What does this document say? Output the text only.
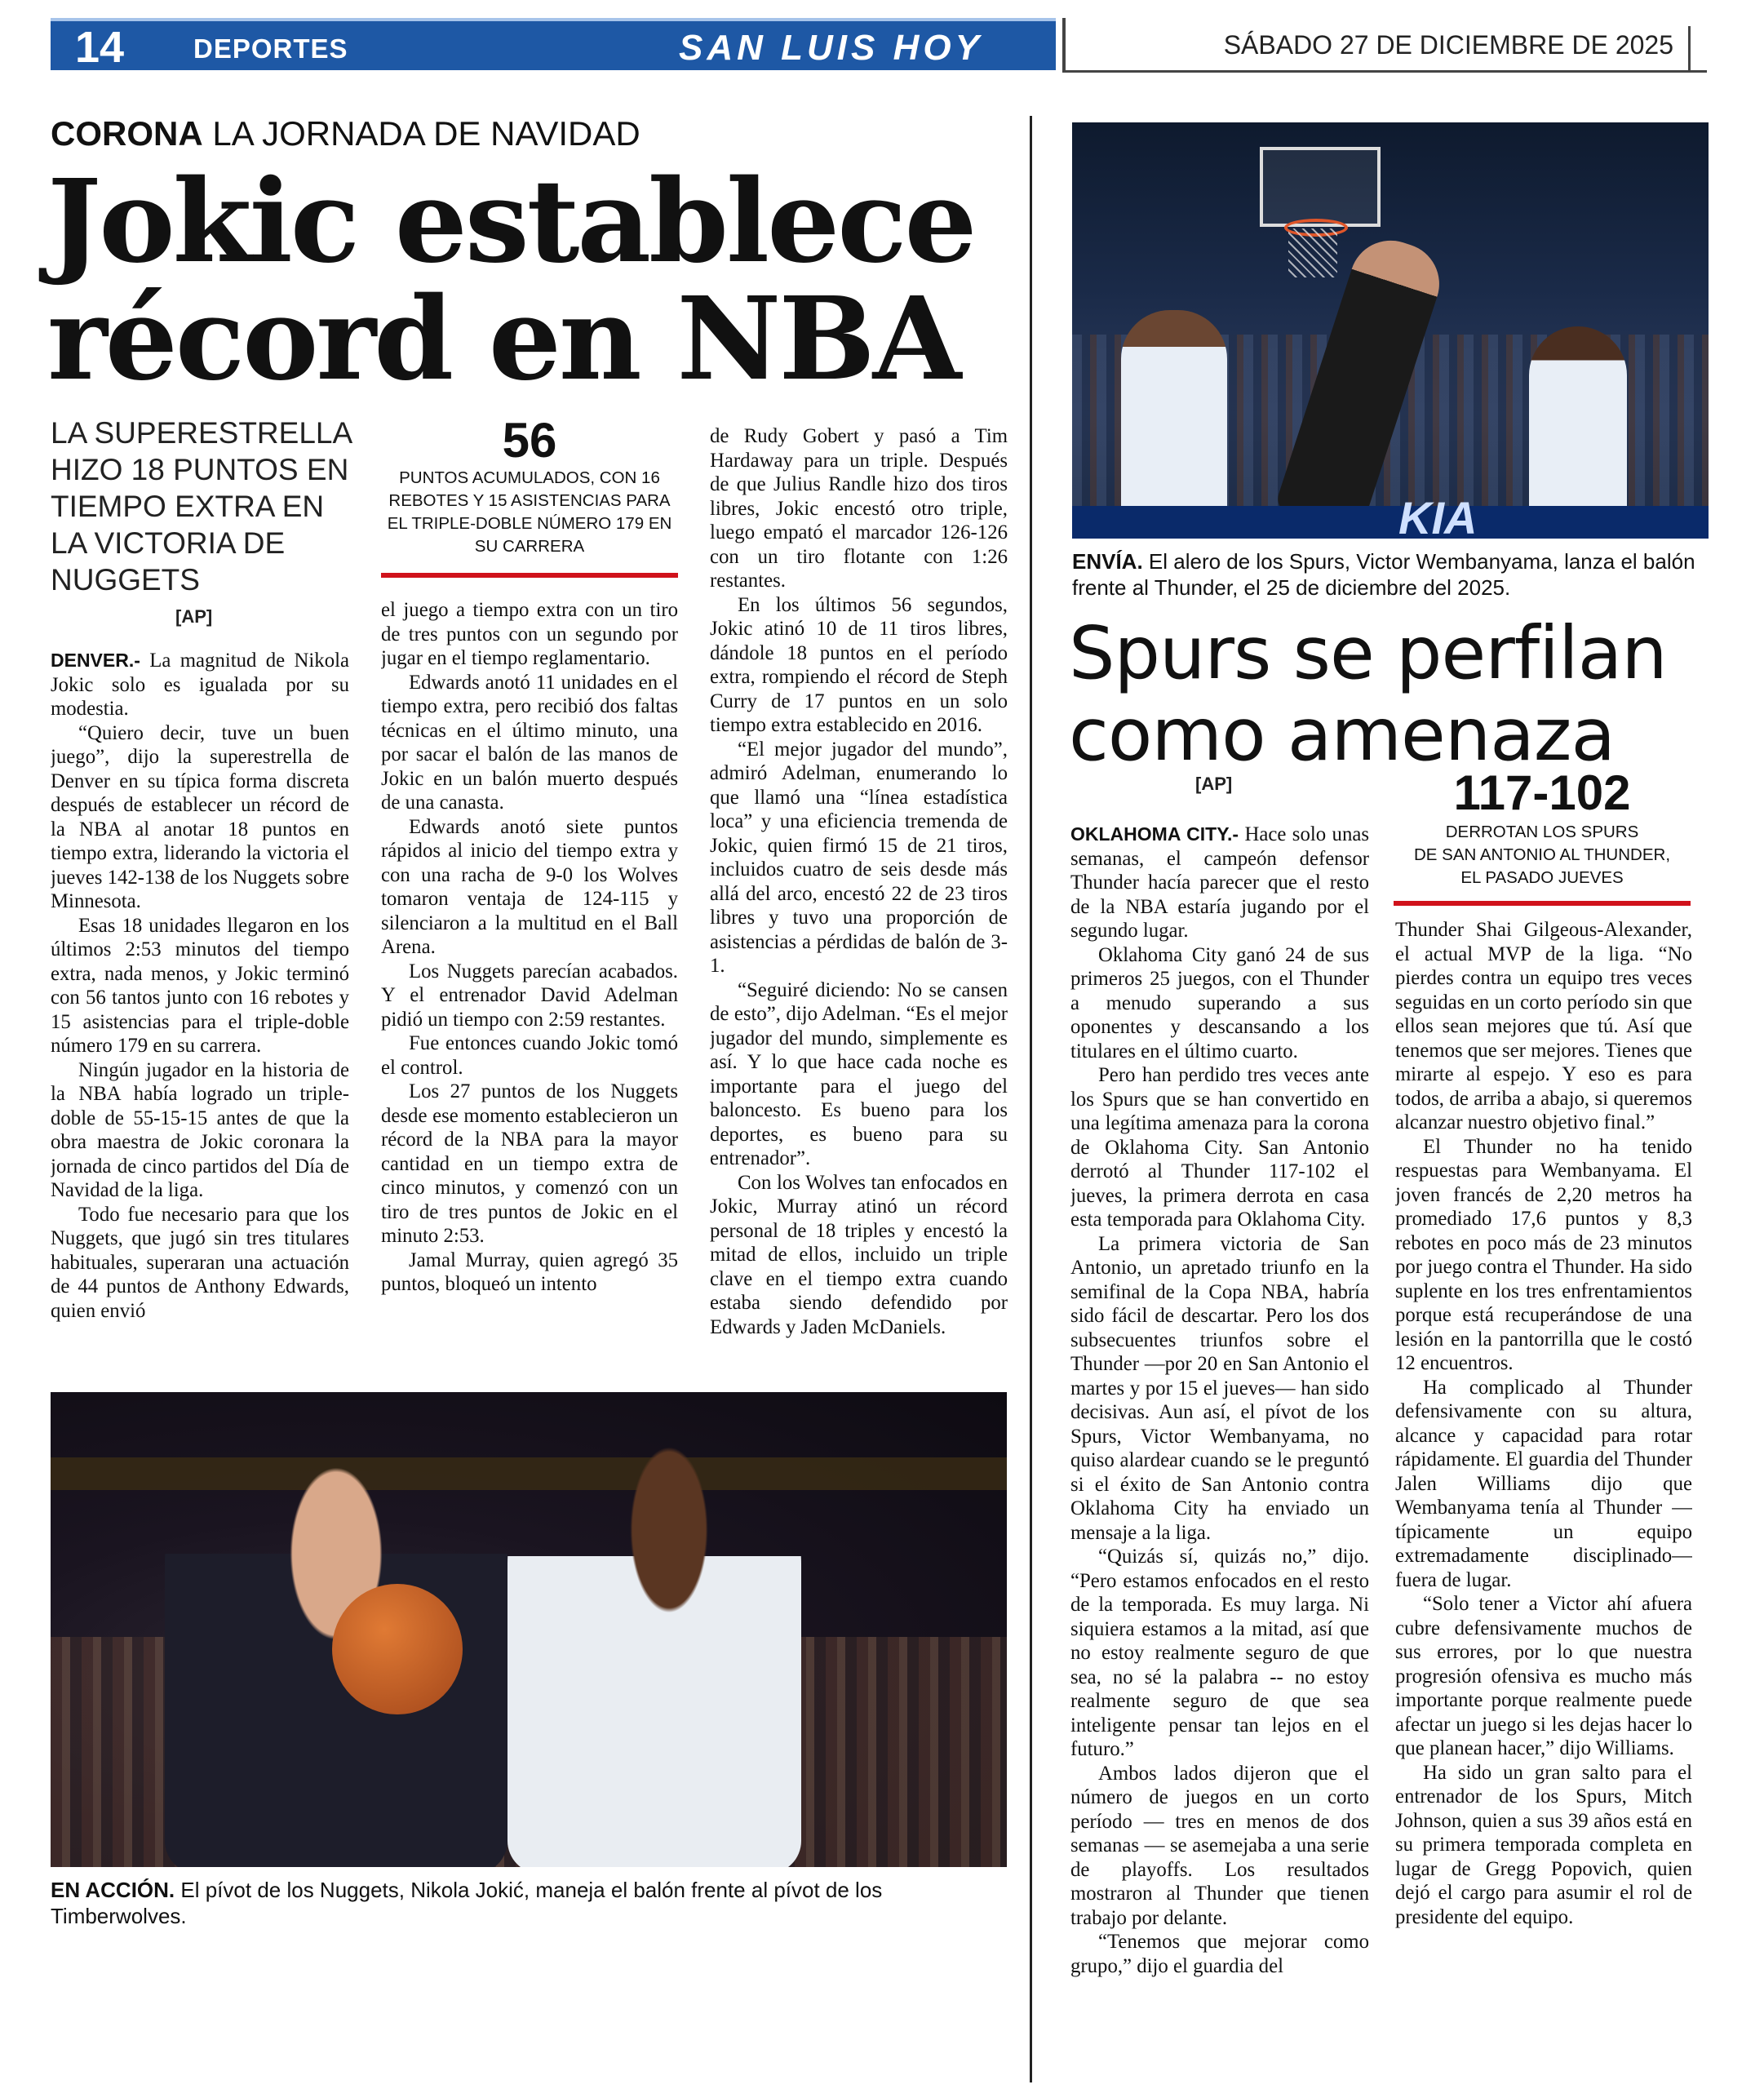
14	DEPORTES	SAN LUIS HOY	SÁBADO 27 DE DICIEMBRE DE 2025
CORONA LA JORNADA DE NAVIDAD
Jokic establece
récord en NBA
LA SUPERESTRELLA HIZO 18 PUNTOS EN TIEMPO EXTRA EN LA VICTORIA DE NUGGETS
[AP]
56
PUNTOS ACUMULADOS, CON 16 REBOTES Y 15 ASISTENCIAS PARA EL TRIPLE-DOBLE NÚMERO 179 EN SU CARRERA

DENVER.- La magnitud de Nikola Jokic solo es igualada por su modestia.

“Quiero decir, tuve un buen juego”, dijo la superestrella de Denver en su típica forma discreta después de establecer un récord de la NBA al anotar 18 puntos en tiempo extra, liderando la victoria el jueves 142-138 de los Nuggets sobre Minnesota.

Esas 18 unidades llegaron en los últimos 2:53 minutos del tiempo extra, nada menos, y Jokic terminó con 56 tantos junto con 16 rebotes y 15 asistencias para el triple-doble número 179 en su carrera.

Ningún jugador en la historia de la NBA había logrado un triple-doble de 55-15-15 antes de que la obra maestra de Jokic coronara la jornada de cinco partidos del Día de Navidad de la liga.

Todo fue necesario para que los Nuggets, que jugó sin tres titulares habituales, superaran una actuación de 44 puntos de Anthony Edwards, quien envió

el juego a tiempo extra con un tiro de tres puntos con un segundo por jugar en el tiempo reglamentario.

Edwards anotó 11 unidades en el tiempo extra, pero recibió dos faltas técnicas en el último minuto, una por sacar el balón de las manos de Jokic en un balón muerto después de una canasta.

Edwards anotó siete puntos rápidos al inicio del tiempo extra y con una racha de 9-0 los Wolves tomaron ventaja de 124-115 y silenciaron a la multitud en el Ball Arena.

Los Nuggets parecían acabados. Y el entrenador David Adelman pidió un tiempo con 2:59 restantes.

Fue entonces cuando Jokic tomó el control.

Los 27 puntos de los Nuggets desde ese momento establecieron un récord de la NBA para la mayor cantidad en un tiempo extra de cinco minutos, y comenzó con un tiro de tres puntos de Jokic en el minuto 2:53.

Jamal Murray, quien agregó 35 puntos, bloqueó un intento

de Rudy Gobert y pasó a Tim Hardaway para un triple. Después de que Julius Randle hizo dos tiros libres, Jokic encestó otro triple, luego empató el marcador 126-126 con un tiro flotante con 1:26 restantes.

En los últimos 56 segundos, Jokic atinó 10 de 11 tiros libres, dándole 18 puntos en el período extra, rompiendo el récord de Steph Curry de 17 puntos en un solo tiempo extra establecido en 2016.

“El mejor jugador del mundo”, admiró Adelman, enumerando lo que llamó una “línea estadística loca” y una eficiencia tremenda de Jokic, quien firmó 15 de 21 tiros, incluidos cuatro de seis desde más allá del arco, encestó 22 de 23 tiros libres y tuvo una proporción de asistencias a pérdidas de balón de 3-1.

“Seguiré diciendo: No se cansen de esto”, dijo Adelman. “Es el mejor jugador del mundo, simplemente es así. Y lo que hace cada noche es importante para el juego del baloncesto. Es bueno para los deportes, es bueno para su entrenador”.

Con los Wolves tan enfocados en Jokic, Murray atinó un récord personal de 18 triples y encestó la mitad de ellos, incluido un triple clave en el tiempo extra cuando estaba siendo defendido por Edwards y Jaden McDaniels.

EN ACCIÓN. El pívot de los Nuggets, Nikola Jokić, maneja el balón frente al pívot de los Timberwolves.
KIA
ENVÍA. El alero de los Spurs, Victor Wembanyama, lanza el balón frente al Thunder, el 25 de diciembre del 2025.
Spurs se perfilan
como amenaza
[AP]	117-102
DERROTAN LOS SPURS
DE SAN ANTONIO AL THUNDER,
EL PASADO JUEVES

OKLAHOMA CITY.- Hace solo unas semanas, el campeón defensor Thunder hacía parecer que el resto de la NBA estaría jugando por el segundo lugar.

Oklahoma City ganó 24 de sus primeros 25 juegos, con el Thunder a menudo superando a sus oponentes y descansando a los titulares en el último cuarto.

Pero han perdido tres veces ante los Spurs que se han convertido en una legítima amenaza para la corona de Oklahoma City. San Antonio derrotó al Thunder 117-102 el jueves, la primera derrota en casa esta temporada para Oklahoma City.

La primera victoria de San Antonio, un apretado triunfo en la semifinal de la Copa NBA, habría sido fácil de descartar. Pero los dos subsecuentes triunfos sobre el Thunder —por 20 en San Antonio el martes y por 15 el jueves— han sido decisivas. Aun así, el pívot de los Spurs, Victor Wembanyama, no quiso alardear cuando se le preguntó si el éxito de San Antonio contra Oklahoma City ha enviado un mensaje a la liga.

“Quizás sí, quizás no,” dijo. “Pero estamos enfocados en el resto de la temporada. Es muy larga. Ni siquiera estamos a la mitad, así que no estoy realmente seguro de que sea, no sé la palabra -- no estoy realmente seguro de que sea inteligente pensar tan lejos en el futuro.”

Ambos lados dijeron que el número de juegos en un corto período — tres en menos de dos semanas — se asemejaba a una serie de playoffs. Los resultados mostraron al Thunder que tienen trabajo por delante.

“Tenemos que mejorar como grupo,” dijo el guardia del

Thunder Shai Gilgeous-Alexander, el actual MVP de la liga. “No pierdes contra un equipo tres veces seguidas en un corto período sin que ellos sean mejores que tú. Así que tenemos que ser mejores. Tienes que mirarte al espejo. Y eso es para todos, de arriba a abajo, si queremos alcanzar nuestro objetivo final.”

El Thunder no ha tenido respuestas para Wembanyama. El joven francés de 2,20 metros ha promediado 17,6 puntos y 8,3 rebotes en poco más de 23 minutos por juego contra el Thunder. Ha sido suplente en los tres enfrentamientos porque está recuperándose de una lesión en la pantorrilla que le costó 12 encuentros.

Ha complicado al Thunder defensivamente con su altura, alcance y capacidad para rotar rápidamente. El guardia del Thunder Jalen Williams dijo que Wembanyama tenía al Thunder —típicamente un equipo extremadamente disciplinado— fuera de lugar.

“Solo tener a Victor ahí afuera cubre defensivamente muchos de sus errores, por lo que nuestra progresión ofensiva es mucho más importante porque realmente puede afectar un juego si les dejas hacer lo que planean hacer,” dijo Williams.

Ha sido un gran salto para el entrenador de los Spurs, Mitch Johnson, quien a sus 39 años está en su primera temporada completa en lugar de Gregg Popovich, quien dejó el cargo para asumir el rol de presidente del equipo.
